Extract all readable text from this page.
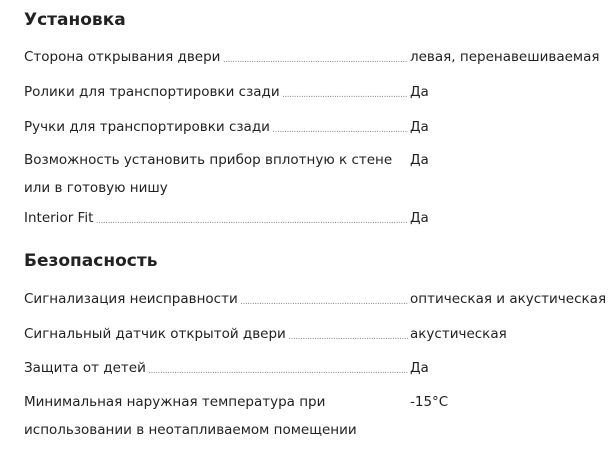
Установка
Сторона открывания двери .....	левая, перенавешиваемая
Ролики для транспортировки сзади .....	Да
Ручки для транспортировки сзади .....	Да
Возможность установить прибор вплотную к стене или в готовую нишу
Да
Interior Fit .....	Да
Безопасность
Сигнализация неисправности .....	оптическая и акустическая
Сигнальный датчик открытой двери .....	акустическая
Защита от детей .....	Да
Минимальная наружная температура при использовании в неотапливаемом помещении
-15°C
